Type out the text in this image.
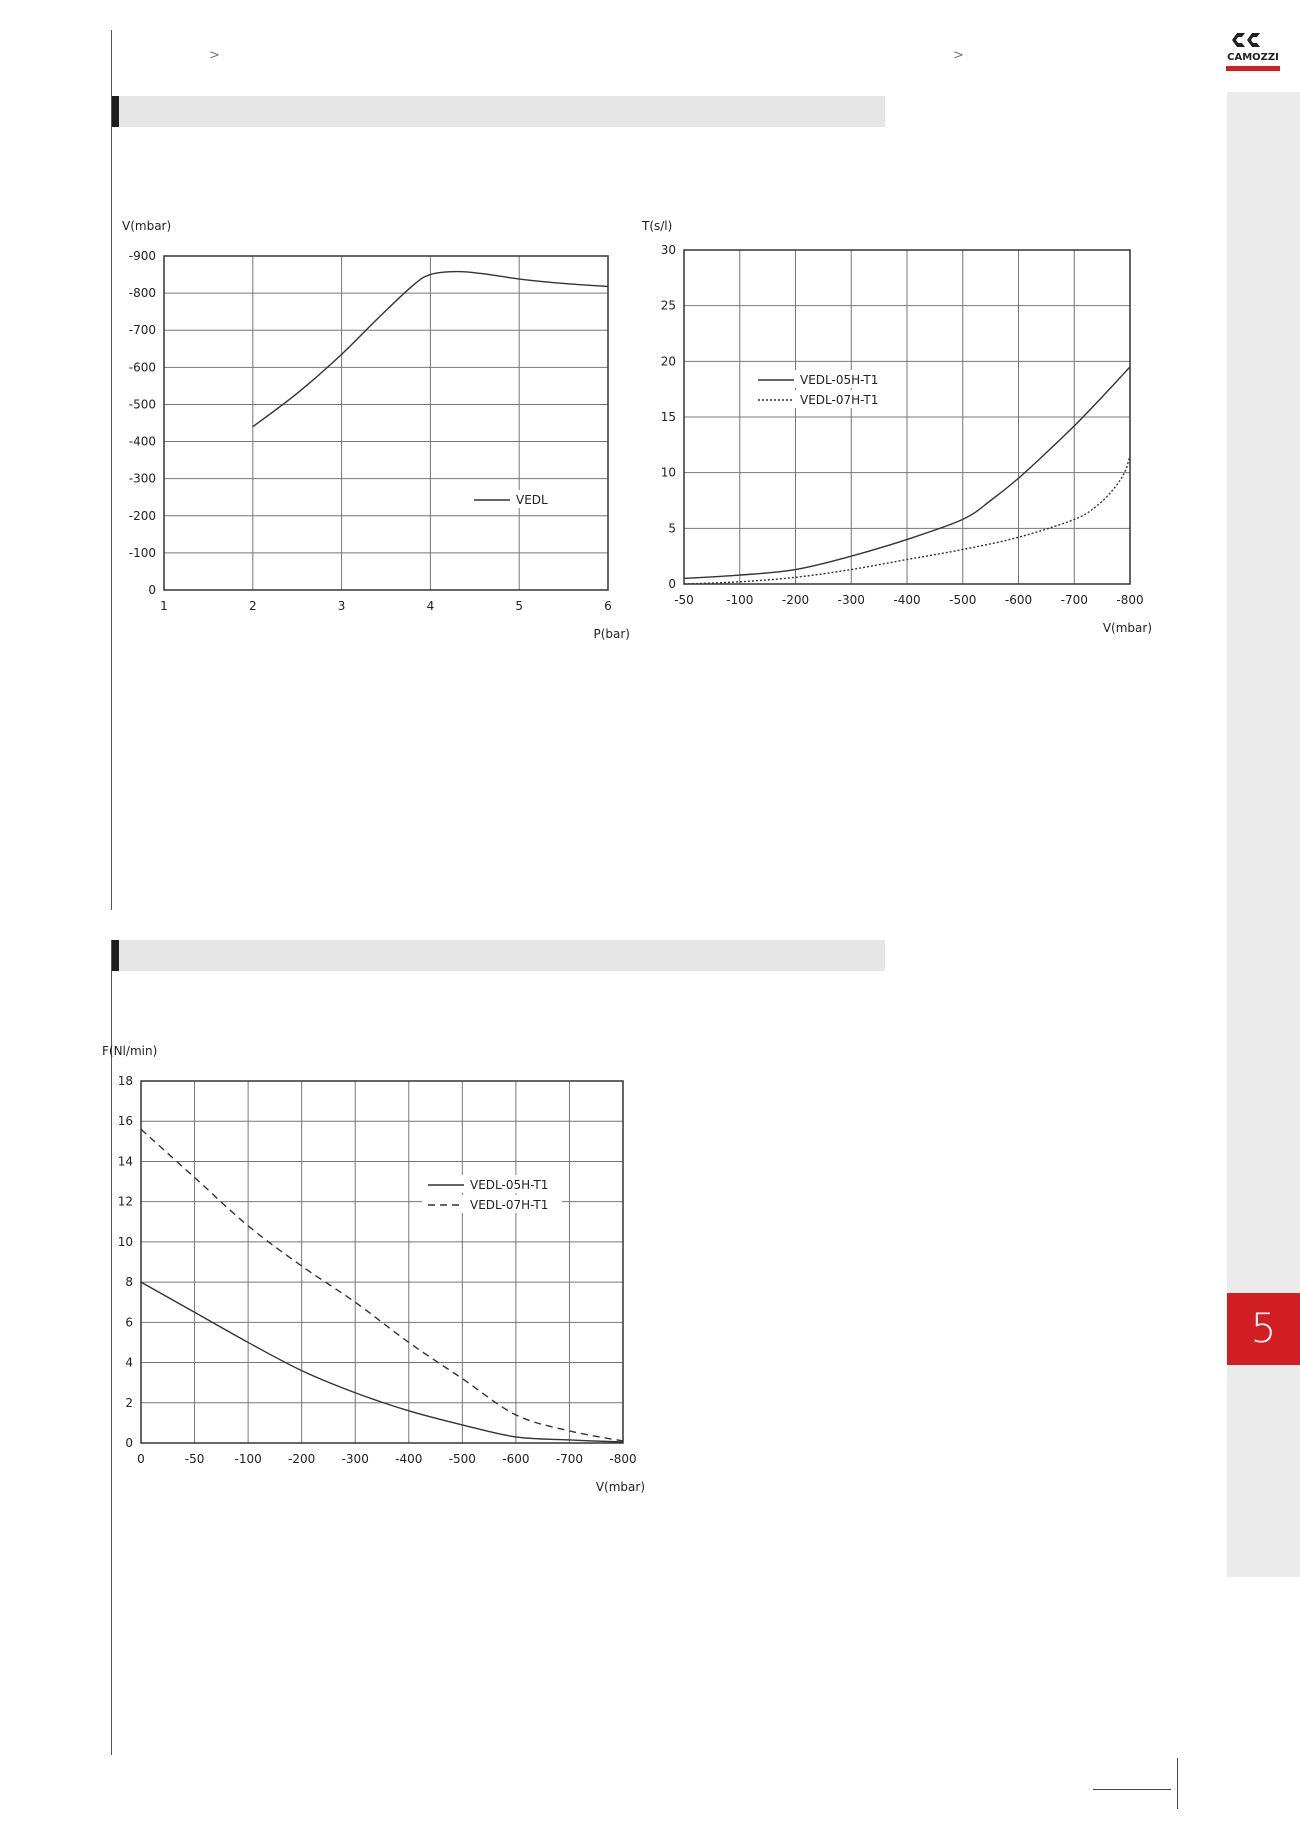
>	>	CAMOZZI
5
1	2	3	4	5	6
0
-100
-200
-300
-400
-500
-600
-700
-800
-900
V(mbar)
P(bar)
VEDL
-50	-100 -200 -300 -400 -500 -600 -700 -800
0
5
10
15
20
25
30
T(s/l)
V(mbar)
VEDL-05H-T1
VEDL-07H-T1
0	-50	-100 -200 -300 -400 -500 -600 -700 -800
0
2
4
6
8
10
12
14
16
18
F(Nl/min)
V(mbar)
VEDL-05H-T1
VEDL-07H-T1
